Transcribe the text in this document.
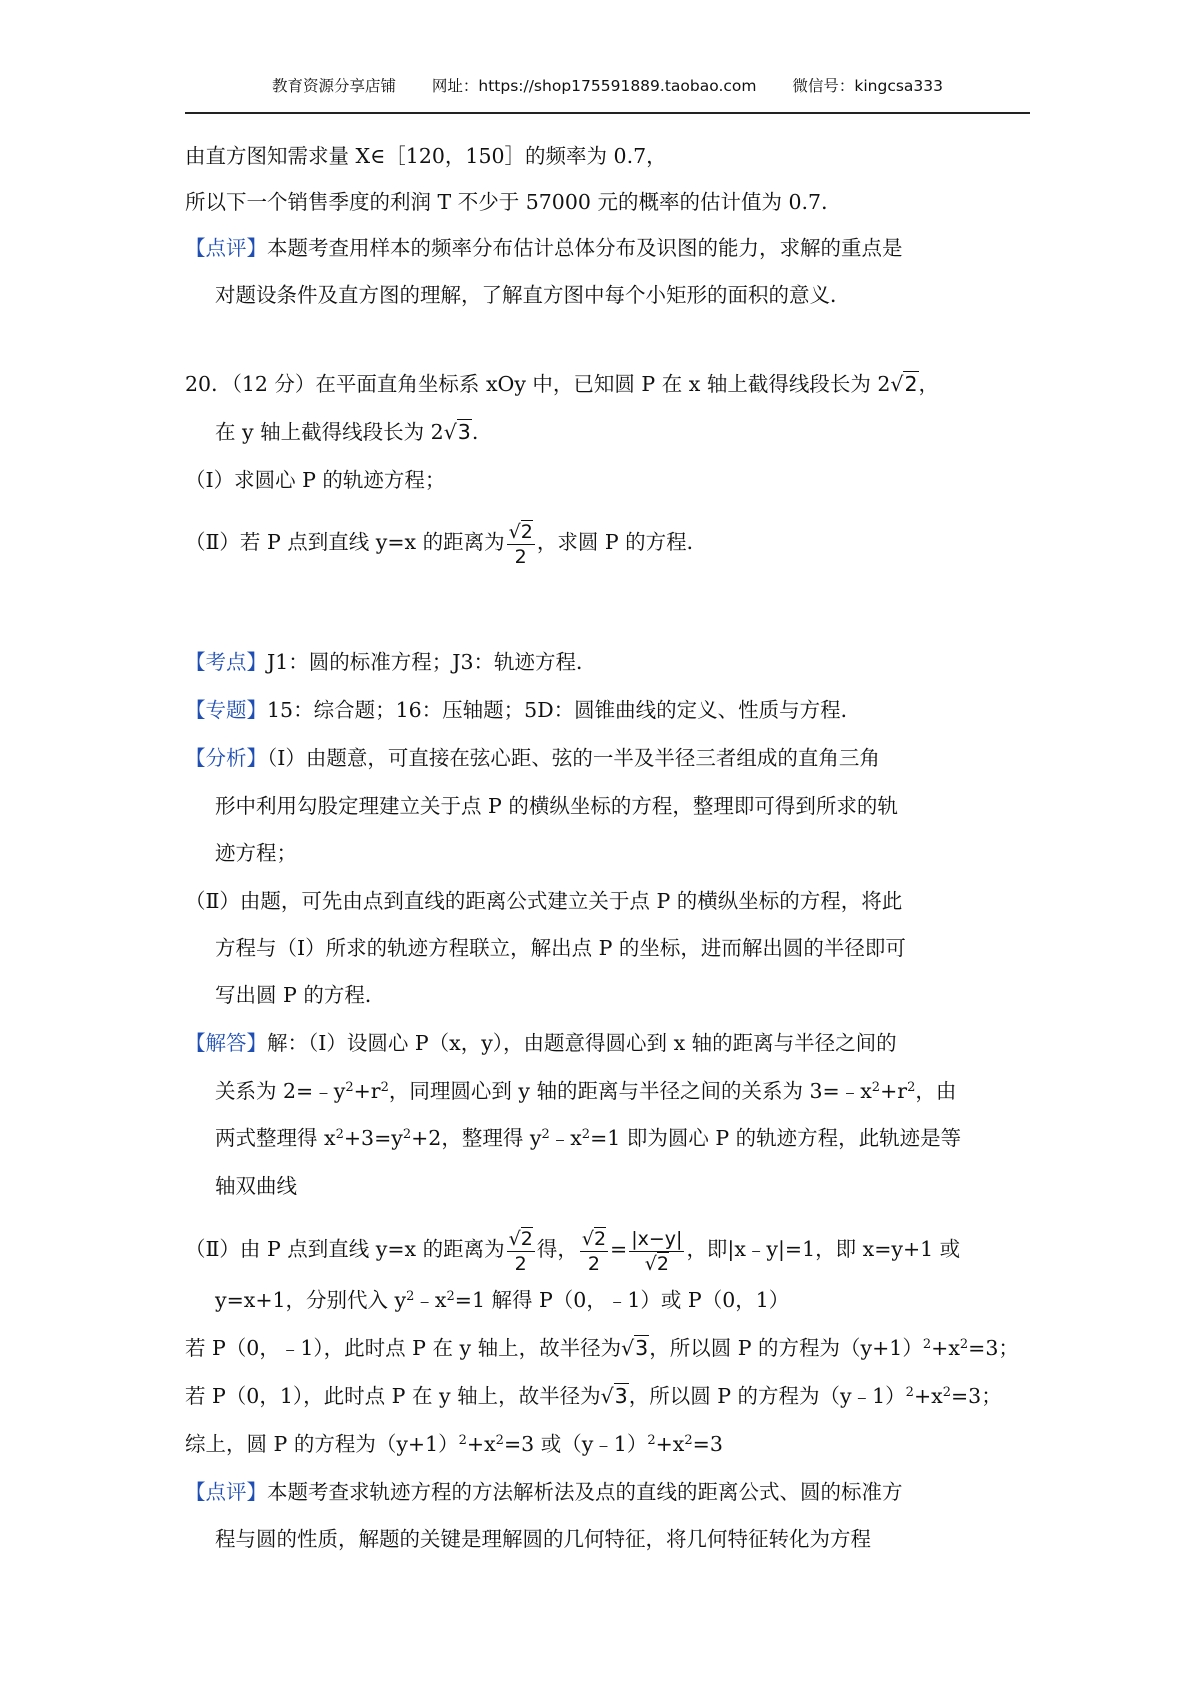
教育资源分享店铺 网址：https://shop175591889.taobao.com 微信号：kingcsa333
由直方图知需求量 X∈［120，150］的频率为 0.7，
所以下一个销售季度的利润 T 不少于 57000 元的概率的估计值为 0.7．
【点评】本题考查用样本的频率分布估计总体分布及识图的能力，求解的重点是
对题设条件及直方图的理解，了解直方图中每个小矩形的面积的意义．
20．（12 分）在平面直角坐标系 xOy 中，已知圆 P 在 x 轴上截得线段长为 2√2，
在 y 轴上截得线段长为 2√3.
（Ⅰ）求圆心 P 的轨迹方程；
（Ⅱ）若 P 点到直线 y=x 的距离为 $\frac{√2}{2}$ ，求圆 P 的方程．
【考点】J1：圆的标准方程；J3：轨迹方程．
【专题】15：综合题；16：压轴题；5D：圆锥曲线的定义、性质与方程．
【分析】（Ⅰ）由题意，可直接在弦心距、弦的一半及半径三者组成的直角三角
形中利用勾股定理建立关于点 P 的横纵坐标的方程，整理即可得到所求的轨
迹方程；
（Ⅱ）由题，可先由点到直线的距离公式建立关于点 P 的横纵坐标的方程，将此
方程与（I）所求的轨迹方程联立，解出点 P 的坐标，进而解出圆的半径即可
写出圆 P 的方程．
【解答】解：（Ⅰ）设圆心 P（x，y），由题意得圆心到 x 轴的距离与半径之间的
关系为 $2=﹣y^2+r^2$，同理圆心到 y 轴的距离与半径之间的关系为 $3=﹣x^2+r^2$，由
两式整理得 $x^2+3=y^2+2$，整理得 $y^2﹣x^2=1$ 即为圆心 P 的轨迹方程，此轨迹是等
轴双曲线
（Ⅱ）由 P 点到直线 y=x 的距离为 $\frac{√2}{2}$ 得， $\frac{√2}{2} = \frac{|x-y|}{√2}$ ，即|x﹣y|=1，即 x=y+1 或
y=x+1，分别代入 $y^2﹣x^2=1$ 解得 P（0，﹣1）或 P（0，1）
若 P（0，﹣1），此时点 P 在 y 轴上，故半径为√3，所以圆 P 的方程为$(y+1)^2+x^2=3$；
若 P（0，1），此时点 P 在 y 轴上，故半径为√3，所以圆 P 的方程为$(y﹣1)^2+x^2=3$；
综上，圆 P 的方程为$(y+1)^2+x^2=3$ 或$(y﹣1)^2+x^2=3$
【点评】本题考查求轨迹方程的方法解析法及点的直线的距离公式、圆的标准方
程与圆的性质，解题的关键是理解圆的几何特征，将几何特征转化为方程
